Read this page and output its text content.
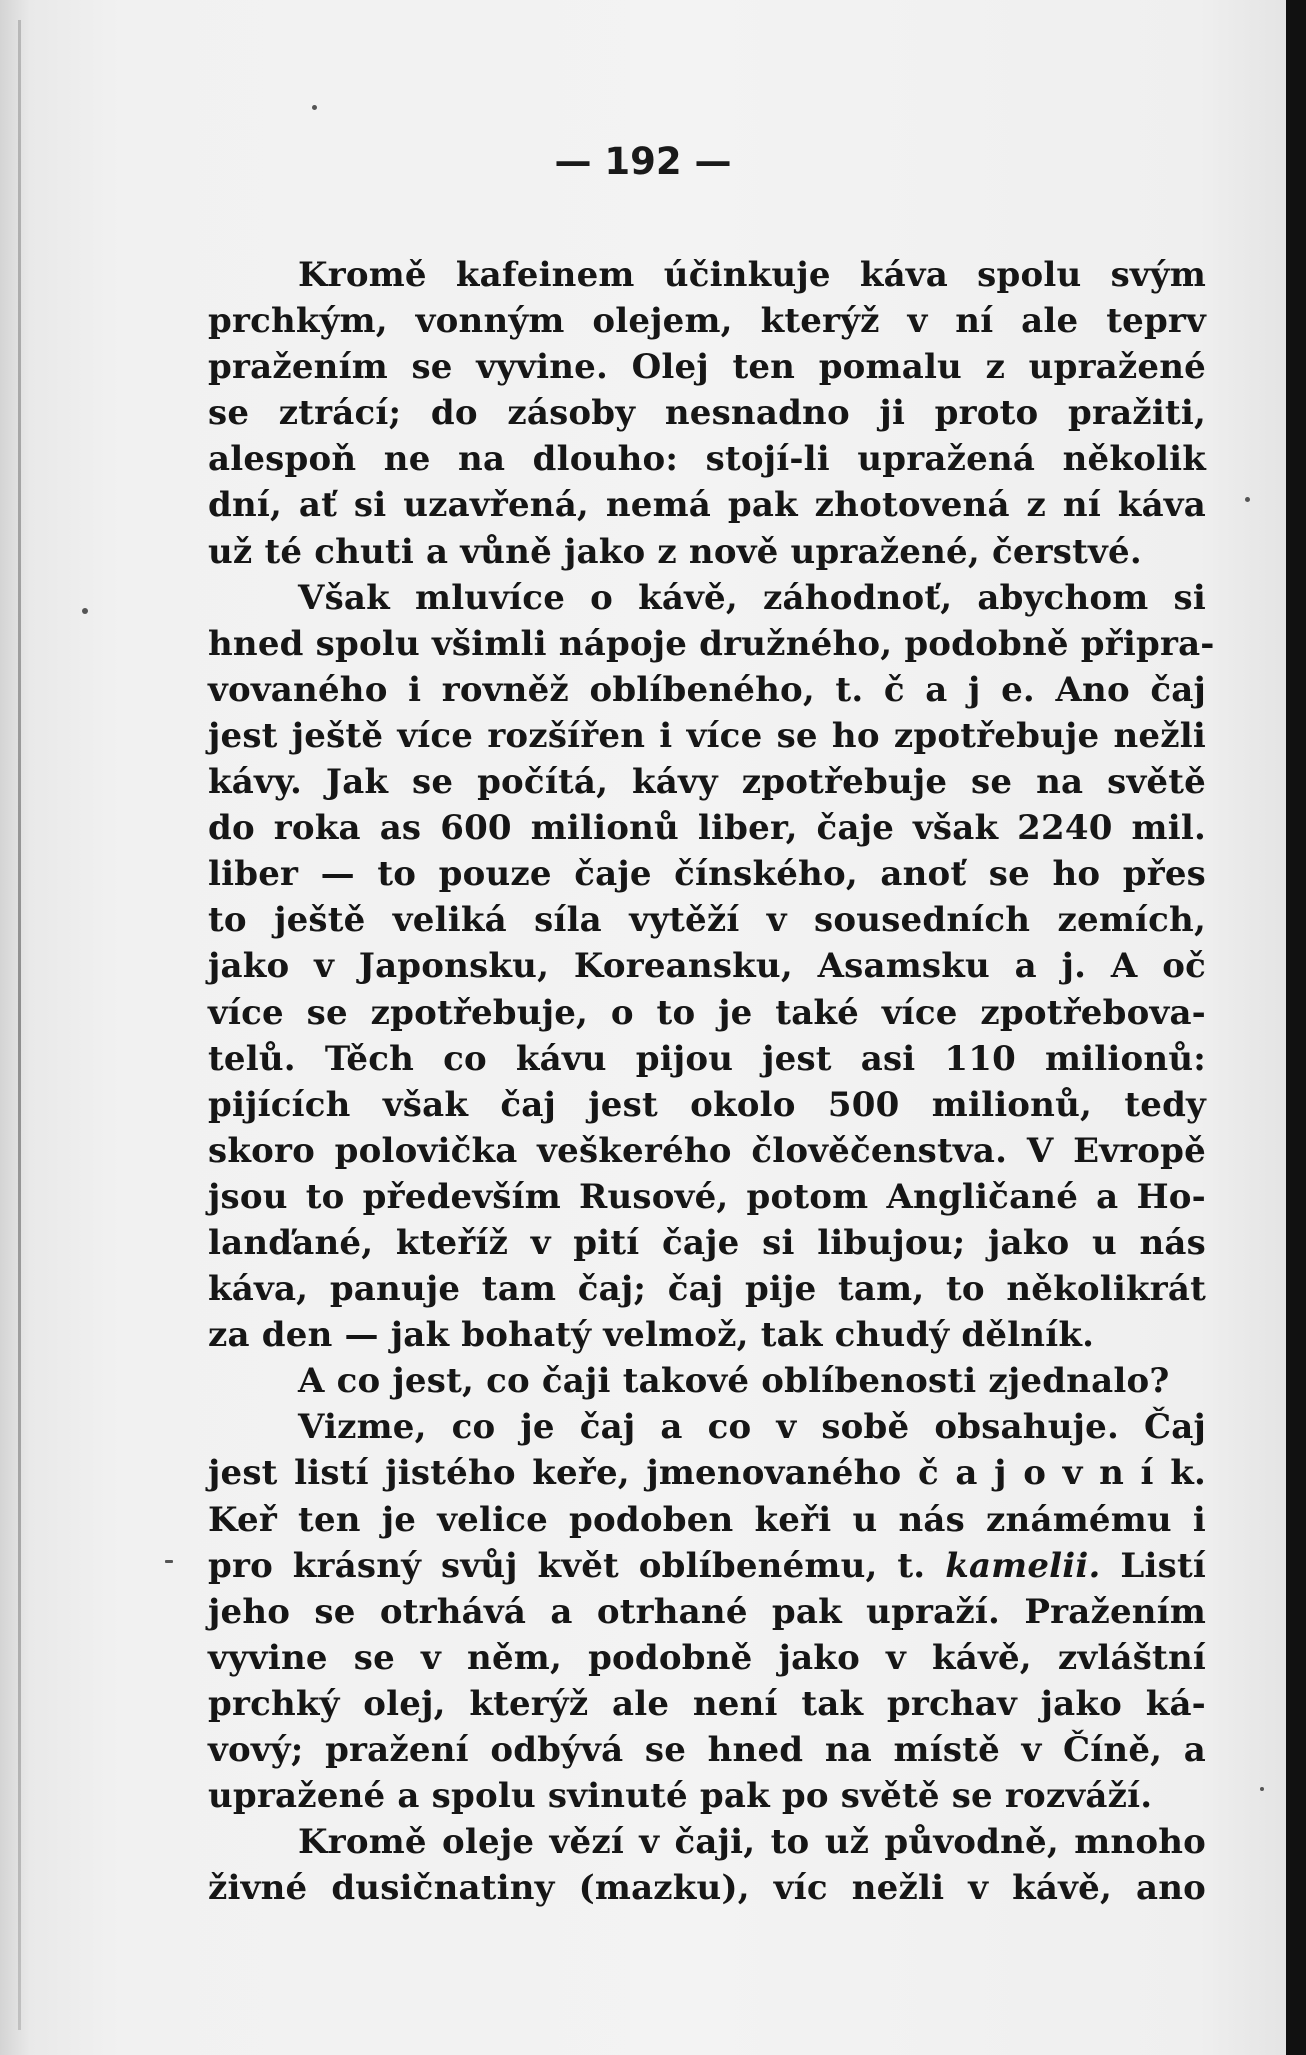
— 192 —
Kromě kafeinem účinkuje káva spolu svým
prchkým, vonným olejem, kterýž v ní ale teprv
pražením se vyvine. Olej ten pomalu z upražené
se ztrácí; do zásoby nesnadno ji proto pražiti,
alespoň ne na dlouho: stojí-li upražená několik
dní, ať si uzavřená, nemá pak zhotovená z ní káva
už té chuti a vůně jako z nově upražené, čerstvé.
Však mluvíce o kávě, záhodnoť, abychom si
hned spolu všimli nápoje družného, podobně připra-
vovaného i rovněž oblíbeného, t. č a j e. Ano čaj
jest ještě více rozšířen i více se ho zpotřebuje nežli
kávy. Jak se počítá, kávy zpotřebuje se na světě
do roka as 600 milionů liber, čaje však 2240 mil.
liber — to pouze čaje čínského, anoť se ho přes
to ještě veliká síla vytěží v sousedních zemích,
jako v Japonsku, Koreansku, Asamsku a j. A oč
více se zpotřebuje, o to je také více zpotřebova-
telů. Těch co kávu pijou jest asi 110 milionů:
pijících však čaj jest okolo 500 milionů, tedy
skoro polovička veškerého člověčenstva. V Evropě
jsou to především Rusové, potom Angličané a Ho-
lanďané, kteříž v pití čaje si libujou; jako u nás
káva, panuje tam čaj; čaj pije tam, to několikrát
za den — jak bohatý velmož, tak chudý dělník.
A co jest, co čaji takové oblíbenosti zjednalo?
Vizme, co je čaj a co v sobě obsahuje. Čaj
jest listí jistého keře, jmenovaného č a j o v n í k.
Keř ten je velice podoben keři u nás známému i
pro krásný svůj květ oblíbenému, t. kamelii. Listí
jeho se otrhává a otrhané pak upraží. Pražením
vyvine se v něm, podobně jako v kávě, zvláštní
prchký olej, kterýž ale není tak prchav jako ká-
vový; pražení odbývá se hned na místě v Číně, a
upražené a spolu svinuté pak po světě se rozváží.
Kromě oleje vězí v čaji, to už původně, mnoho
živné dusičnatiny (mazku), víc nežli v kávě, ano
